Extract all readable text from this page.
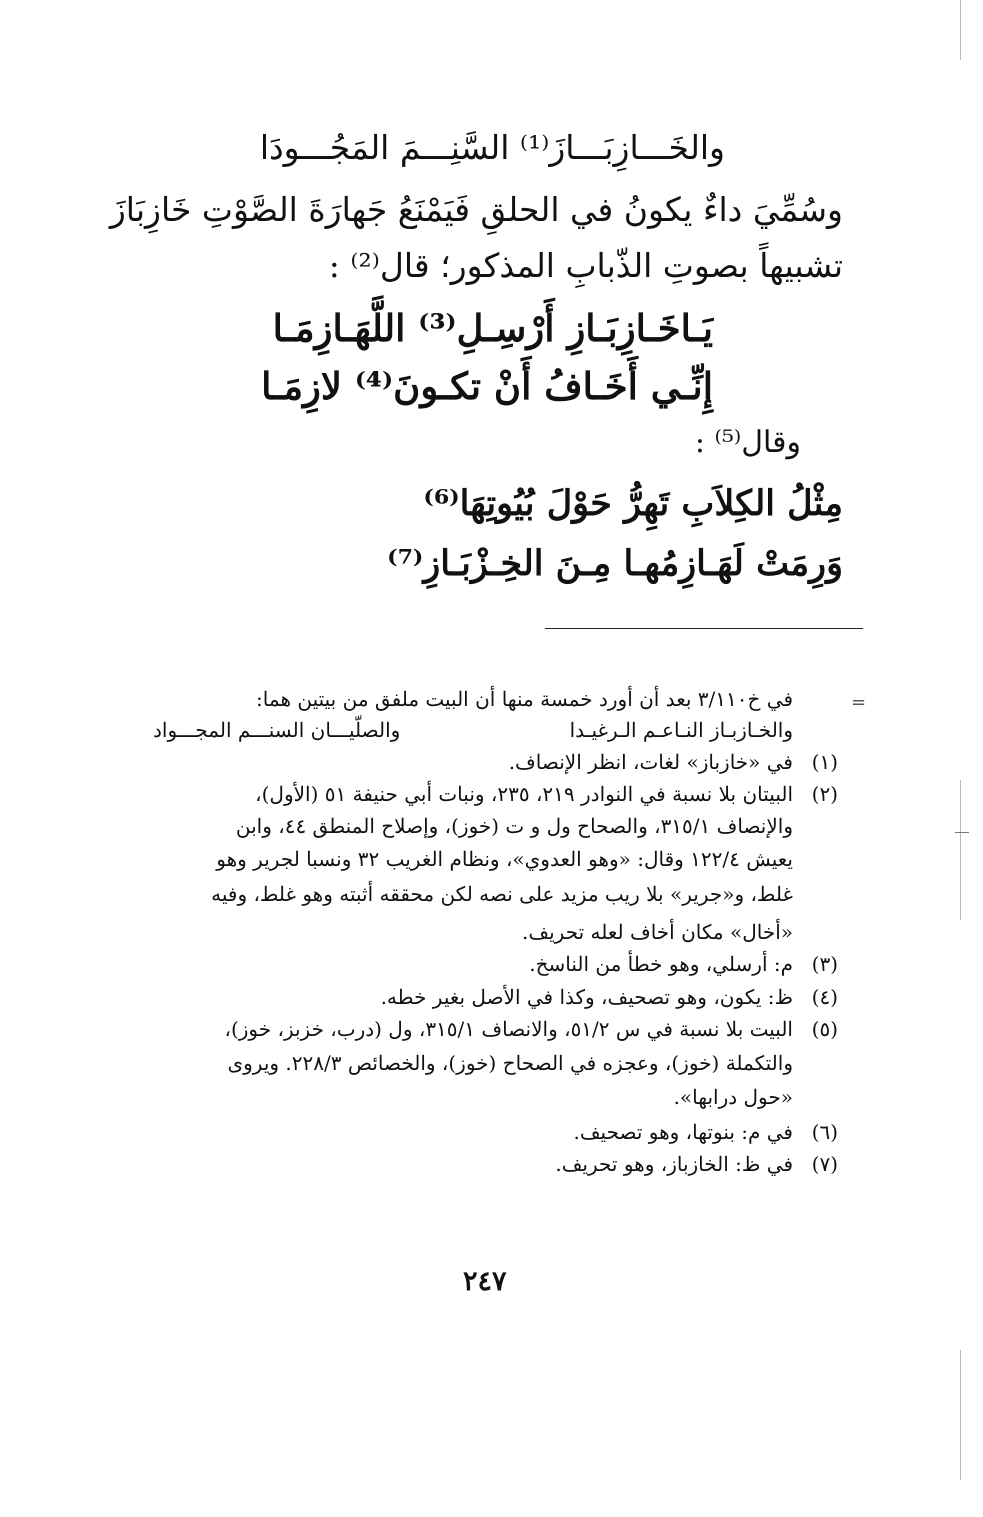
والخَـــازِبَـــازَ⁽¹⁾ السَّنِـــمَ المَجُـــودَا
وسُمِّيَ داءٌ يكونُ في الحلقِ فَيَمْنَعُ جَهارَةَ الصَّوْتِ خَازِبَازَ
تشبيهاً بصوتِ الذّبابِ المذكور؛ قال⁽²⁾ :
يَـاخَـازِبَـازِ أَرْسِـلِ⁽³⁾ اللَّهَـازِمَـا
إِنِّـي أَخَـافُ أَنْ تكـونَ⁽⁴⁾ لازِمَـا
وقال⁽⁵⁾ :
مِثْلُ الكِلاَبِ تَهِرُّ حَوْلَ بُيُوتِهَا⁽⁶⁾
وَرِمَتْ لَهَـازِمُهـا مِـنَ الخِـزْبَـازِ⁽⁷⁾
=
في خ٣/١١٠ بعد أن أورد خمسة منها أن البيت ملفق من بيتين هما:
والخـازبـاز النـاعـم الـرغيـدا
والصلّيـــان السنـــم المجـــواد
(١)
في «خازباز» لغات، انظر الإنصاف.
(٢)
البيتان بلا نسبة في النوادر ٢١٩، ٢٣٥، ونبات أبي حنيفة ٥١ (الأول)،
والإنصاف ٣١٥/١، والصحاح ول و ت (خوز)، وإصلاح المنطق ٤٤، وابن
يعيش ١٢٢/٤ وقال: «وهو العدوي»، ونظام الغريب ٣٢ ونسبا لجرير وهو
غلط، و«جرير» بلا ريب مزيد على نصه لكن محققه أثبته وهو غلط، وفيه
«أخال» مكان أخاف لعله تحريف.
(٣)
م: أرسلي، وهو خطأ من الناسخ.
(٤)
ظ: يكون، وهو تصحيف، وكذا في الأصل بغير خطه.
(٥)
البيت بلا نسبة في س ٥١/٢، والانصاف ٣١٥/١، ول (درب، خزبز، خوز)،
والتكملة (خوز)، وعجزه في الصحاح (خوز)، والخصائص ٢٢٨/٣. ويروى
«حول درابها».
(٦)
في م: بنوتها، وهو تصحيف.
(٧)
في ظ: الخازباز، وهو تحريف.
٢٤٧
